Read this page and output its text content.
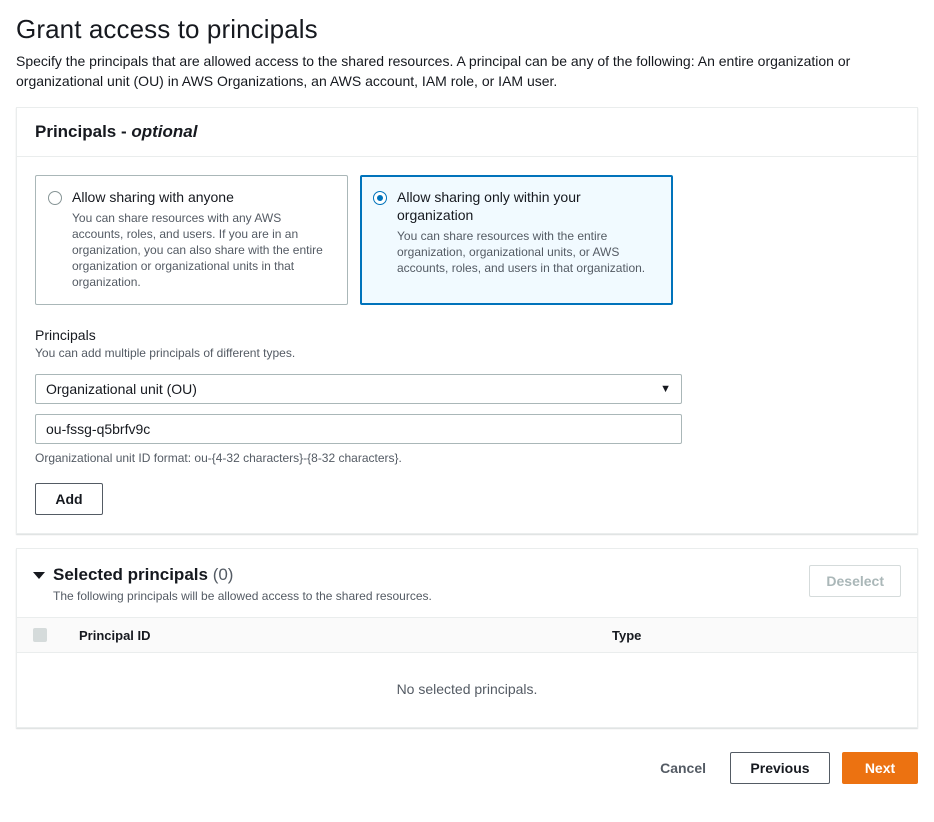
Grant access to principals

Specify the principals that are allowed access to the shared resources. A principal can be any of the following: An entire organization or organizational unit (OU) in AWS Organizations, an AWS account, IAM role, or IAM user.

Principals - optional
Allow sharing with anyone
You can share resources with any AWS accounts, roles, and users. If you are in an organization, you can also share with the entire organization or organizational units in that organization.
Allow sharing only within your organization
You can share resources with the entire organization, organizational units, or AWS accounts, roles, and users in that organization.
Principals
You can add multiple principals of different types.
Organizational unit (OU)	▼
ou-fssg-q5brfv9c
Organizational unit ID format: ou-{4-32 characters}-{8-32 characters}.
Add
Selected principals (0)
The following principals will be allowed access to the shared resources.
Deselect
Principal ID	Type
No selected principals.
Cancel	Previous	Next
